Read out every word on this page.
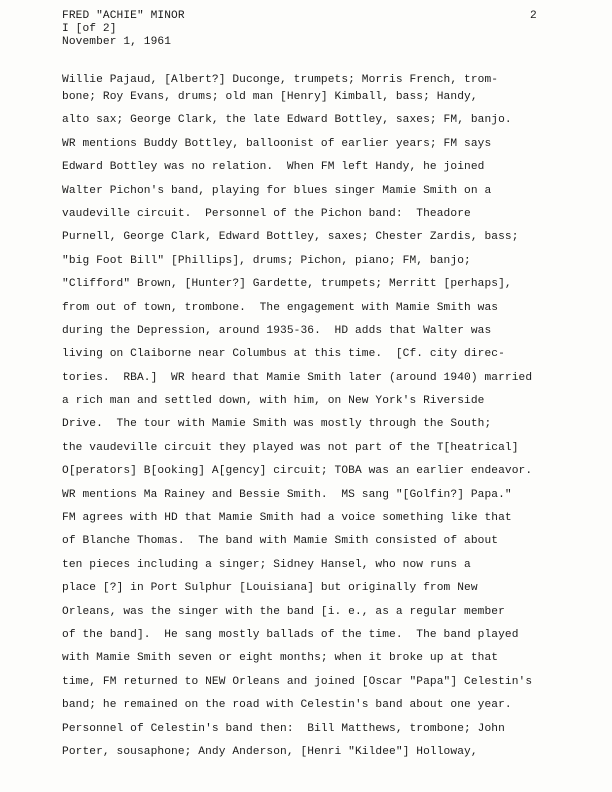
FRED "ACHIE" MINOR
I [of 2]
November 1, 1961
2
Willie Pajaud, [Albert?] Duconge, trumpets; Morris French, trom-
bone; Roy Evans, drums; old man [Henry] Kimball, bass; Handy,
alto sax; George Clark, the late Edward Bottley, saxes; FM, banjo.
WR mentions Buddy Bottley, balloonist of earlier years; FM says
Edward Bottley was no relation.  When FM left Handy, he joined
Walter Pichon's band, playing for blues singer Mamie Smith on a
vaudeville circuit.  Personnel of the Pichon band:  Theadore
Purnell, George Clark, Edward Bottley, saxes; Chester Zardis, bass;
"big Foot Bill" [Phillips], drums; Pichon, piano; FM, banjo;
"Clifford" Brown, [Hunter?] Gardette, trumpets; Merritt [perhaps],
from out of town, trombone.  The engagement with Mamie Smith was
during the Depression, around 1935-36.  HD adds that Walter was
living on Claiborne near Columbus at this time.  [Cf. city direc-
tories.  RBA.]  WR heard that Mamie Smith later (around 1940) married
a rich man and settled down, with him, on New York's Riverside
Drive.  The tour with Mamie Smith was mostly through the South;
the vaudeville circuit they played was not part of the T[heatrical]
O[perators] B[ooking] A[gency] circuit; TOBA was an earlier endeavor.
WR mentions Ma Rainey and Bessie Smith.  MS sang "[Golfin?] Papa."
FM agrees with HD that Mamie Smith had a voice something like that
of Blanche Thomas.  The band with Mamie Smith consisted of about
ten pieces including a singer; Sidney Hansel, who now runs a
place [?] in Port Sulphur [Louisiana] but originally from New
Orleans, was the singer with the band [i. e., as a regular member
of the band].  He sang mostly ballads of the time.  The band played
with Mamie Smith seven or eight months; when it broke up at that
time, FM returned to NEW Orleans and joined [Oscar "Papa"] Celestin's
band; he remained on the road with Celestin's band about one year.
Personnel of Celestin's band then:  Bill Matthews, trombone; John
Porter, sousaphone; Andy Anderson, [Henri "Kildee"] Holloway,
